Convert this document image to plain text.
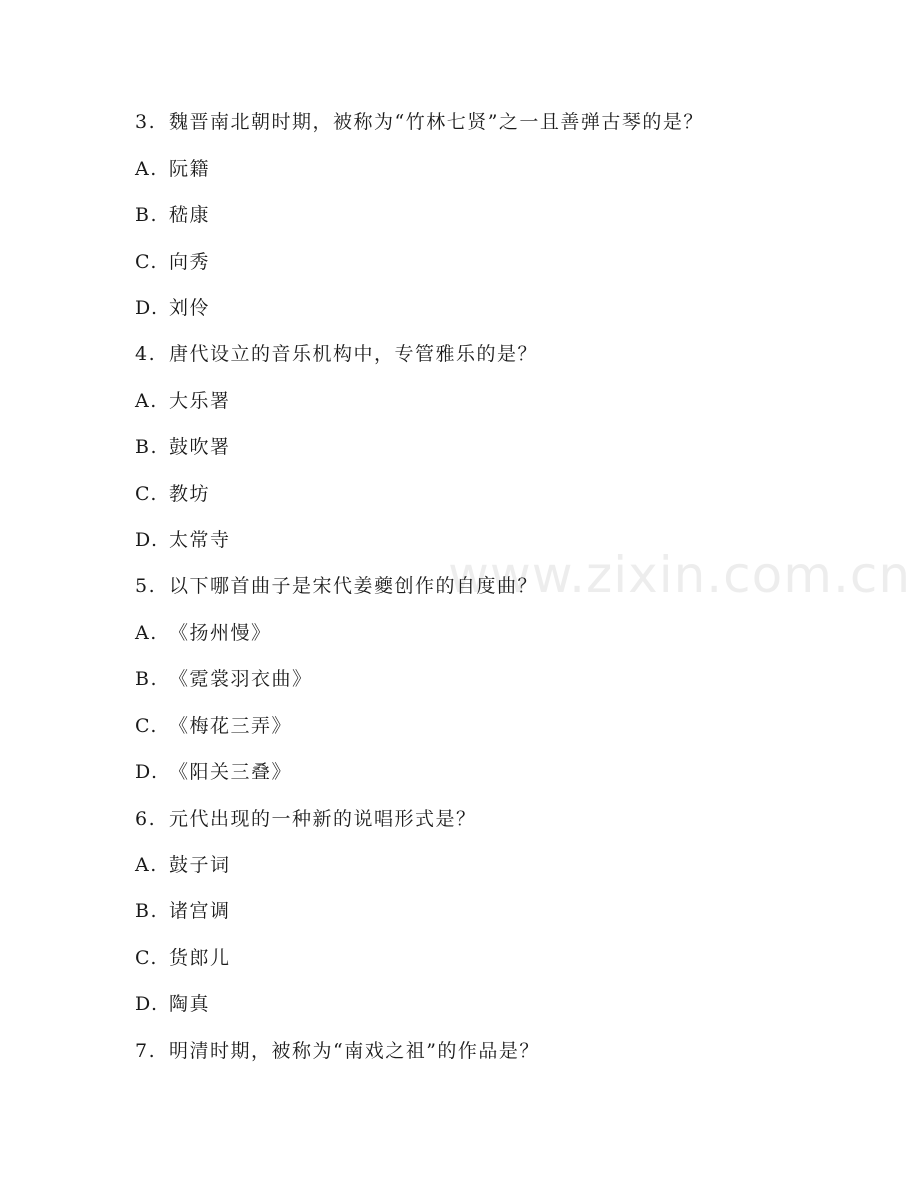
3. 魏晋南北朝时期，被称为“竹林七贤”之一且善弹古琴的是？
A. 阮籍
B. 嵇康
C. 向秀
D. 刘伶
4. 唐代设立的音乐机构中，专管雅乐的是？
A. 大乐署
B. 鼓吹署
C. 教坊
D. 太常寺
5. 以下哪首曲子是宋代姜夔创作的自度曲？
A. 《扬州慢》
B. 《霓裳羽衣曲》
C. 《梅花三弄》
D. 《阳关三叠》
6. 元代出现的一种新的说唱形式是？
A. 鼓子词
B. 诸宫调
C. 货郎儿
D. 陶真
7. 明清时期，被称为“南戏之祖”的作品是？
www.zixin.com.cn
